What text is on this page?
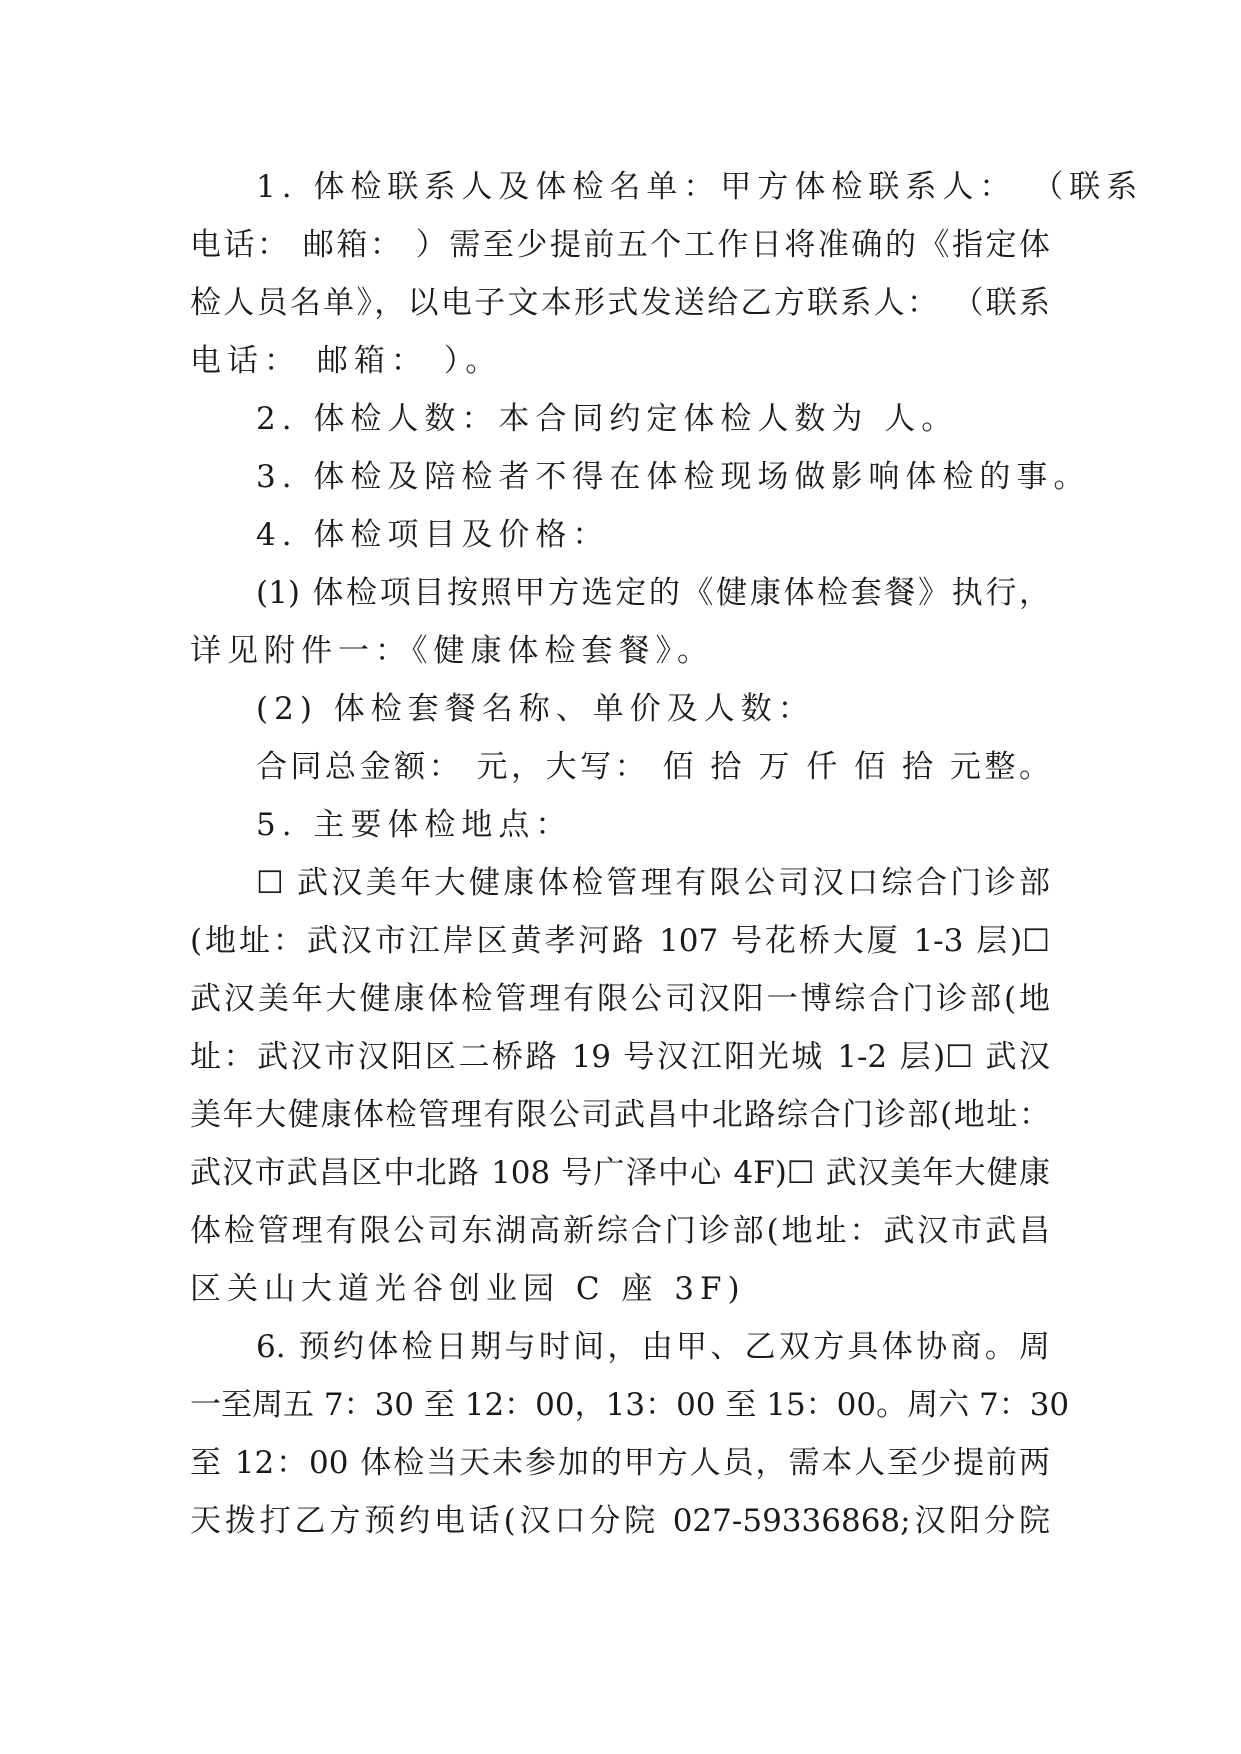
1. 体检联系人及体检名单：甲方体检联系人： （联系
电话： 邮箱： ）需至少提前五个工作日将准确的《指定体
检人员名单》，以电子文本形式发送给乙方联系人： （联系
电话： 邮箱： ）。
2. 体检人数：本合同约定体检人数为 人。
3. 体检及陪检者不得在体检现场做影响体检的事。
4. 体检项目及价格：
(1) 体检项目按照甲方选定的《健康体检套餐》执行，
详见附件一：《健康体检套餐》。
(2) 体检套餐名称、单价及人数：
合同总金额： 元，大写： 佰 拾 万 仟 佰 拾 元整。
5. 主要体检地点：
☐ 武汉美年大健康体检管理有限公司汉口综合门诊部
(地址：武汉市江岸区黄孝河路 107 号花桥大厦 1-3 层)☐
武汉美年大健康体检管理有限公司汉阳一博综合门诊部(地
址：武汉市汉阳区二桥路 19 号汉江阳光城 1-2 层)☐ 武汉
美年大健康体检管理有限公司武昌中北路综合门诊部(地址：
武汉市武昌区中北路 108 号广泽中心 4F)☐ 武汉美年大健康
体检管理有限公司东湖高新综合门诊部(地址：武汉市武昌
区关山大道光谷创业园 C 座 3F)
6. 预约体检日期与时间，由甲、乙双方具体协商。周
一至周五 7：30 至 12：00，13：00 至 15：00。周六 7：30
至 12：00 体检当天未参加的甲方人员，需本人至少提前两
天拨打乙方预约电话(汉口分院 027-59336868;汉阳分院
